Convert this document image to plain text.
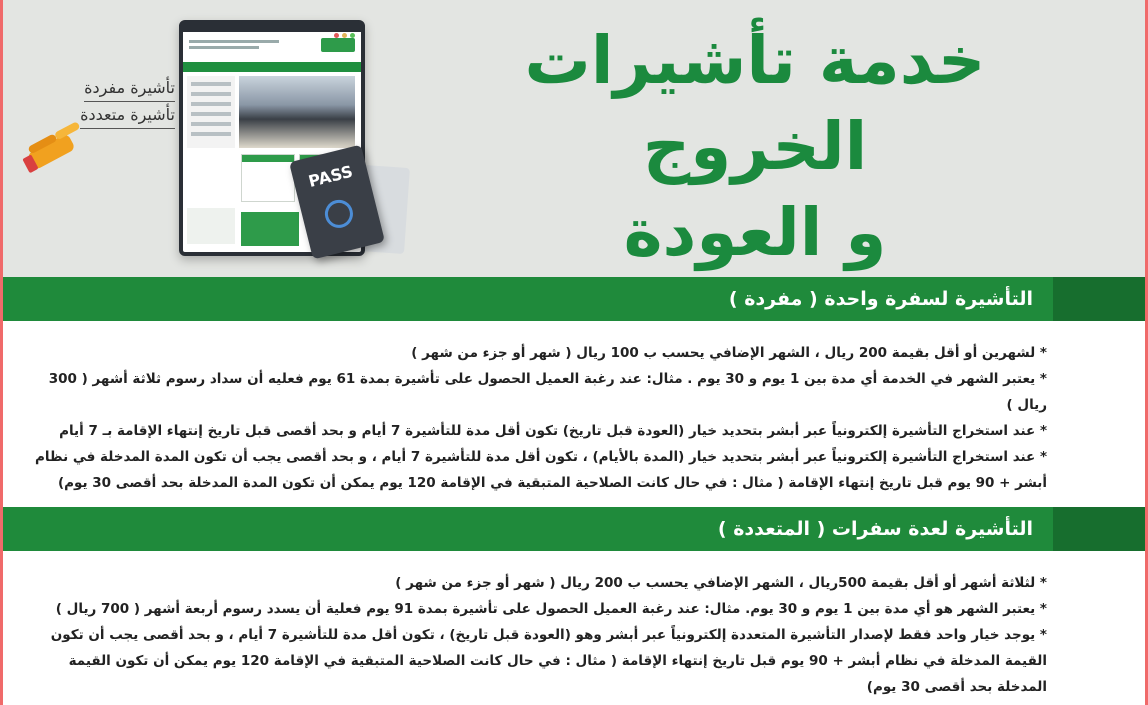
خدمة تأشيرات الخروج
و العودة
PASS
تأشيرة مفردة تأشيرة متعددة
التأشيرة لسفرة واحدة ( مفردة )

* لشهرين أو أقل بقيمة 200 ريال ، الشهر الإضافي يحسب ب 100 ريال ( شهر أو جزء من شهر )

* يعتبر الشهر في الخدمة أي مدة بين 1 يوم و 30 يوم . مثال: عند رغبة العميل الحصول على تأشيرة بمدة 61 يوم فعليه أن سداد رسوم ثلاثة أشهر ( 300 ريال )

* عند استخراج التأشيرة إلكترونياً عبر أبشر بتحديد خيار (العودة قبل تاريخ) تكون أقل مدة للتأشيرة 7 أيام و بحد أقصى قبل تاريخ إنتهاء الإقامة بـ 7 أيام

* عند استخراج التأشيرة إلكترونياً عبر أبشر بتحديد خيار (المدة بالأيام) ، تكون أقل مدة للتأشيرة 7 أيام ، و بحد أقصى يجب أن تكون المدة المدخلة في نظام أبشر + 90 يوم قبل تاريخ إنتهاء الإقامة ( مثال : في حال كانت الصلاحية المتبقية في الإقامة 120 يوم يمكن أن تكون المدة المدخلة بحد أقصى 30 يوم)

التأشيرة لعدة سفرات ( المتعددة )

* لثلاثة أشهر أو أقل بقيمة 500ريال ، الشهر الإضافي يحسب ب 200 ريال ( شهر أو جزء من شهر )

* يعتبر الشهر هو أي مدة بين 1 يوم و 30 يوم. مثال: عند رغبة العميل الحصول على تأشيرة بمدة 91 يوم فعلية أن يسدد رسوم أربعة أشهر ( 700 ريال )

* يوجد خيار واحد فقط لإصدار التأشيرة المتعددة إلكترونياً عبر أبشر وهو (العودة قبل تاريخ) ، تكون أقل مدة للتأشيرة 7 أيام ، و بحد أقصى يجب أن تكون القيمة المدخلة في نظام أبشر + 90 يوم قبل تاريخ إنتهاء الإقامة ( مثال : في حال كانت الصلاحية المتبقية في الإقامة 120 يوم يمكن أن تكون القيمة المدخلة بحد أقصى 30 يوم)
